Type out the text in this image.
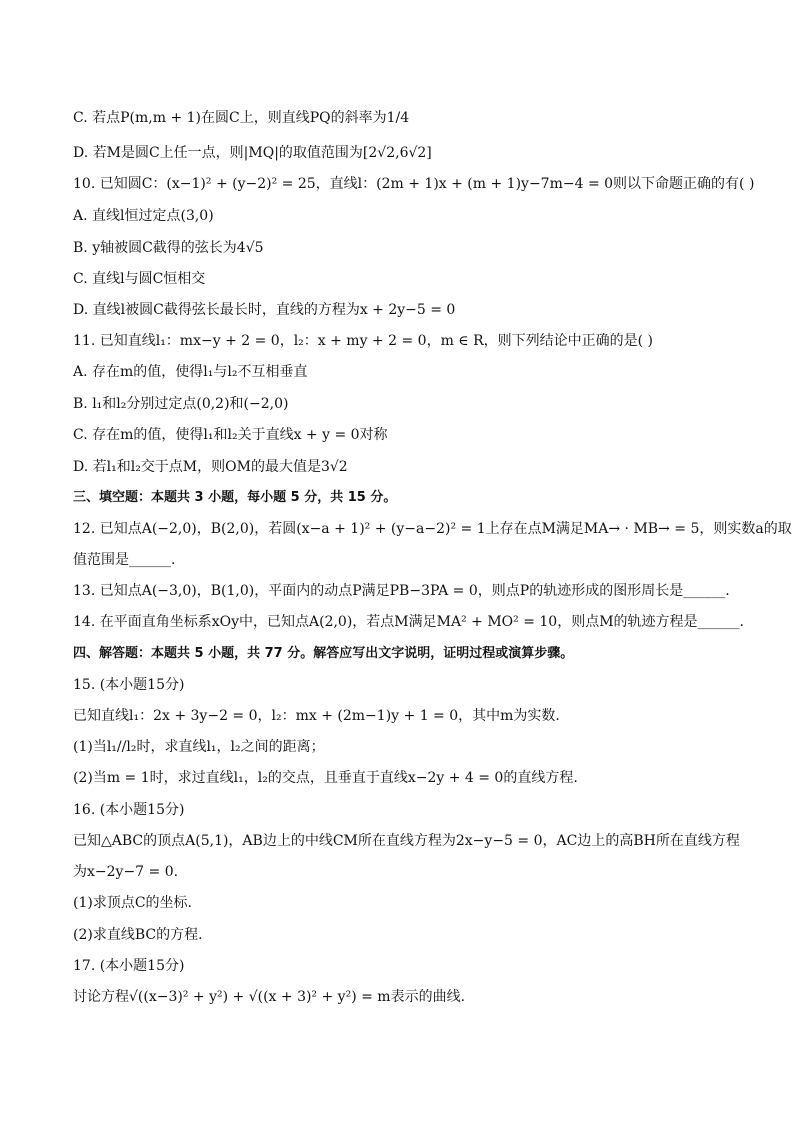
C. 若点P(m,m + 1)在圆C上，则直线PQ的斜率为1/4
D. 若M是圆C上任一点，则|MQ|的取值范围为[2√2,6√2]
10. 已知圆C：(x−1)² + (y−2)² = 25，直线l：(2m + 1)x + (m + 1)y−7m−4 = 0则以下命题正确的有( )
A. 直线l恒过定点(3,0)
B. y轴被圆C截得的弦长为4√5
C. 直线l与圆C恒相交
D. 直线l被圆C截得弦长最长时，直线的方程为x + 2y−5 = 0
11. 已知直线l₁：mx−y + 2 = 0，l₂：x + my + 2 = 0，m ∈ R，则下列结论中正确的是( )
A. 存在m的值，使得l₁与l₂不互相垂直
B. l₁和l₂分别过定点(0,2)和(−2,0)
C. 存在m的值，使得l₁和l₂关于直线x + y = 0对称
D. 若l₁和l₂交于点M，则OM的最大值是3√2
三、填空题：本题共 3 小题，每小题 5 分，共 15 分。
12. 已知点A(−2,0)，B(2,0)，若圆(x−a + 1)² + (y−a−2)² = 1上存在点M满足MA→ · MB→ = 5，则实数a的取
值范围是______.
13. 已知点A(−3,0)，B(1,0)，平面内的动点P满足PB−3PA = 0，则点P的轨迹形成的图形周长是______.
14. 在平面直角坐标系xOy中，已知点A(2,0)，若点M满足MA² + MO² = 10，则点M的轨迹方程是______.
四、解答题：本题共 5 小题，共 77 分。解答应写出文字说明，证明过程或演算步骤。
15. (本小题15分)
已知直线l₁：2x + 3y−2 = 0，l₂：mx + (2m−1)y + 1 = 0，其中m为实数.
(1)当l₁//l₂时，求直线l₁，l₂之间的距离；
(2)当m = 1时，求过直线l₁，l₂的交点，且垂直于直线x−2y + 4 = 0的直线方程.
16. (本小题15分)
已知△ABC的顶点A(5,1)，AB边上的中线CM所在直线方程为2x−y−5 = 0，AC边上的高BH所在直线方程
为x−2y−7 = 0.
(1)求顶点C的坐标.
(2)求直线BC的方程.
17. (本小题15分)
讨论方程√((x−3)² + y²) + √((x + 3)² + y²) = m表示的曲线.
